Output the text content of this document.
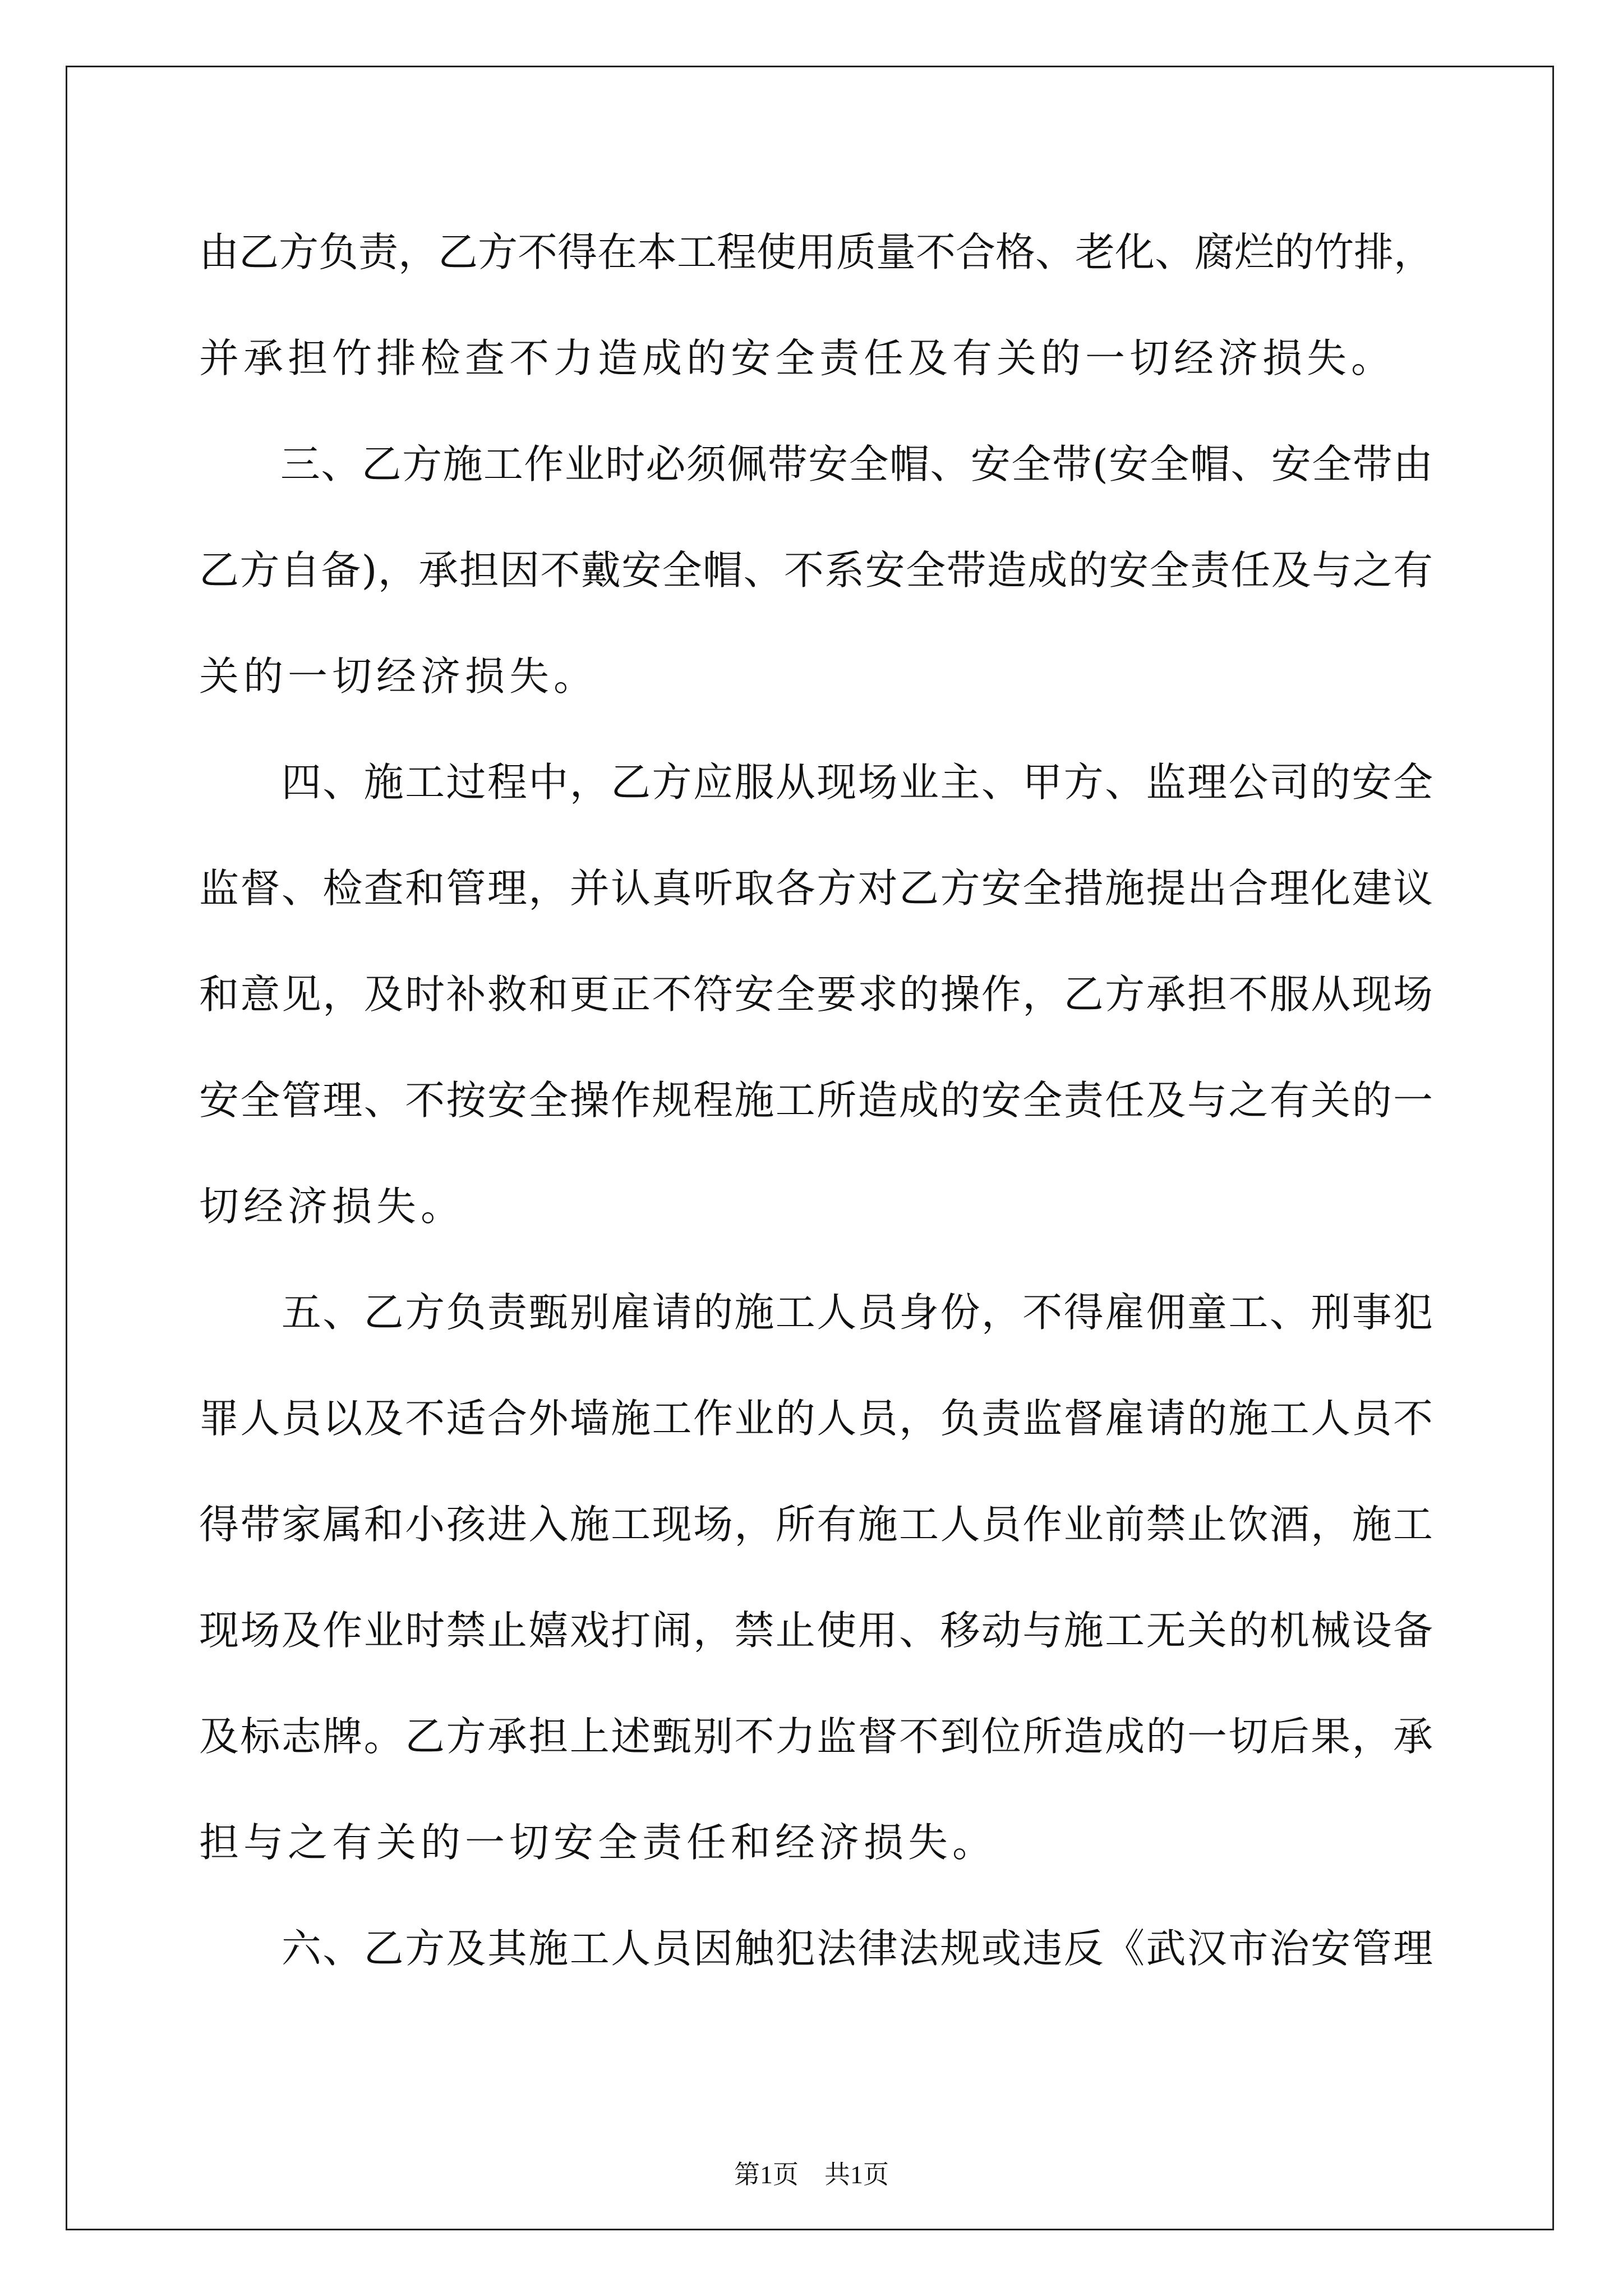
由乙方负责，乙方不得在本工程使用质量不合格、老化、腐烂的竹排，
并承担竹排检查不力造成的安全责任及有关的一切经济损失。
　　三、乙方施工作业时必须佩带安全帽、安全带(安全帽、安全带由
乙方自备)，承担因不戴安全帽、不系安全带造成的安全责任及与之有
关的一切经济损失。
　　四、施工过程中，乙方应服从现场业主、甲方、监理公司的安全
监督、检查和管理，并认真听取各方对乙方安全措施提出合理化建议
和意见，及时补救和更正不符安全要求的操作，乙方承担不服从现场
安全管理、不按安全操作规程施工所造成的安全责任及与之有关的一
切经济损失。
　　五、乙方负责甄别雇请的施工人员身份，不得雇佣童工、刑事犯
罪人员以及不适合外墙施工作业的人员，负责监督雇请的施工人员不
得带家属和小孩进入施工现场，所有施工人员作业前禁止饮酒，施工
现场及作业时禁止嬉戏打闹，禁止使用、移动与施工无关的机械设备
及标志牌。乙方承担上述甄别不力监督不到位所造成的一切后果，承
担与之有关的一切安全责任和经济损失。
　　六、乙方及其施工人员因触犯法律法规或违反《武汉市治安管理
第1页　共1页
